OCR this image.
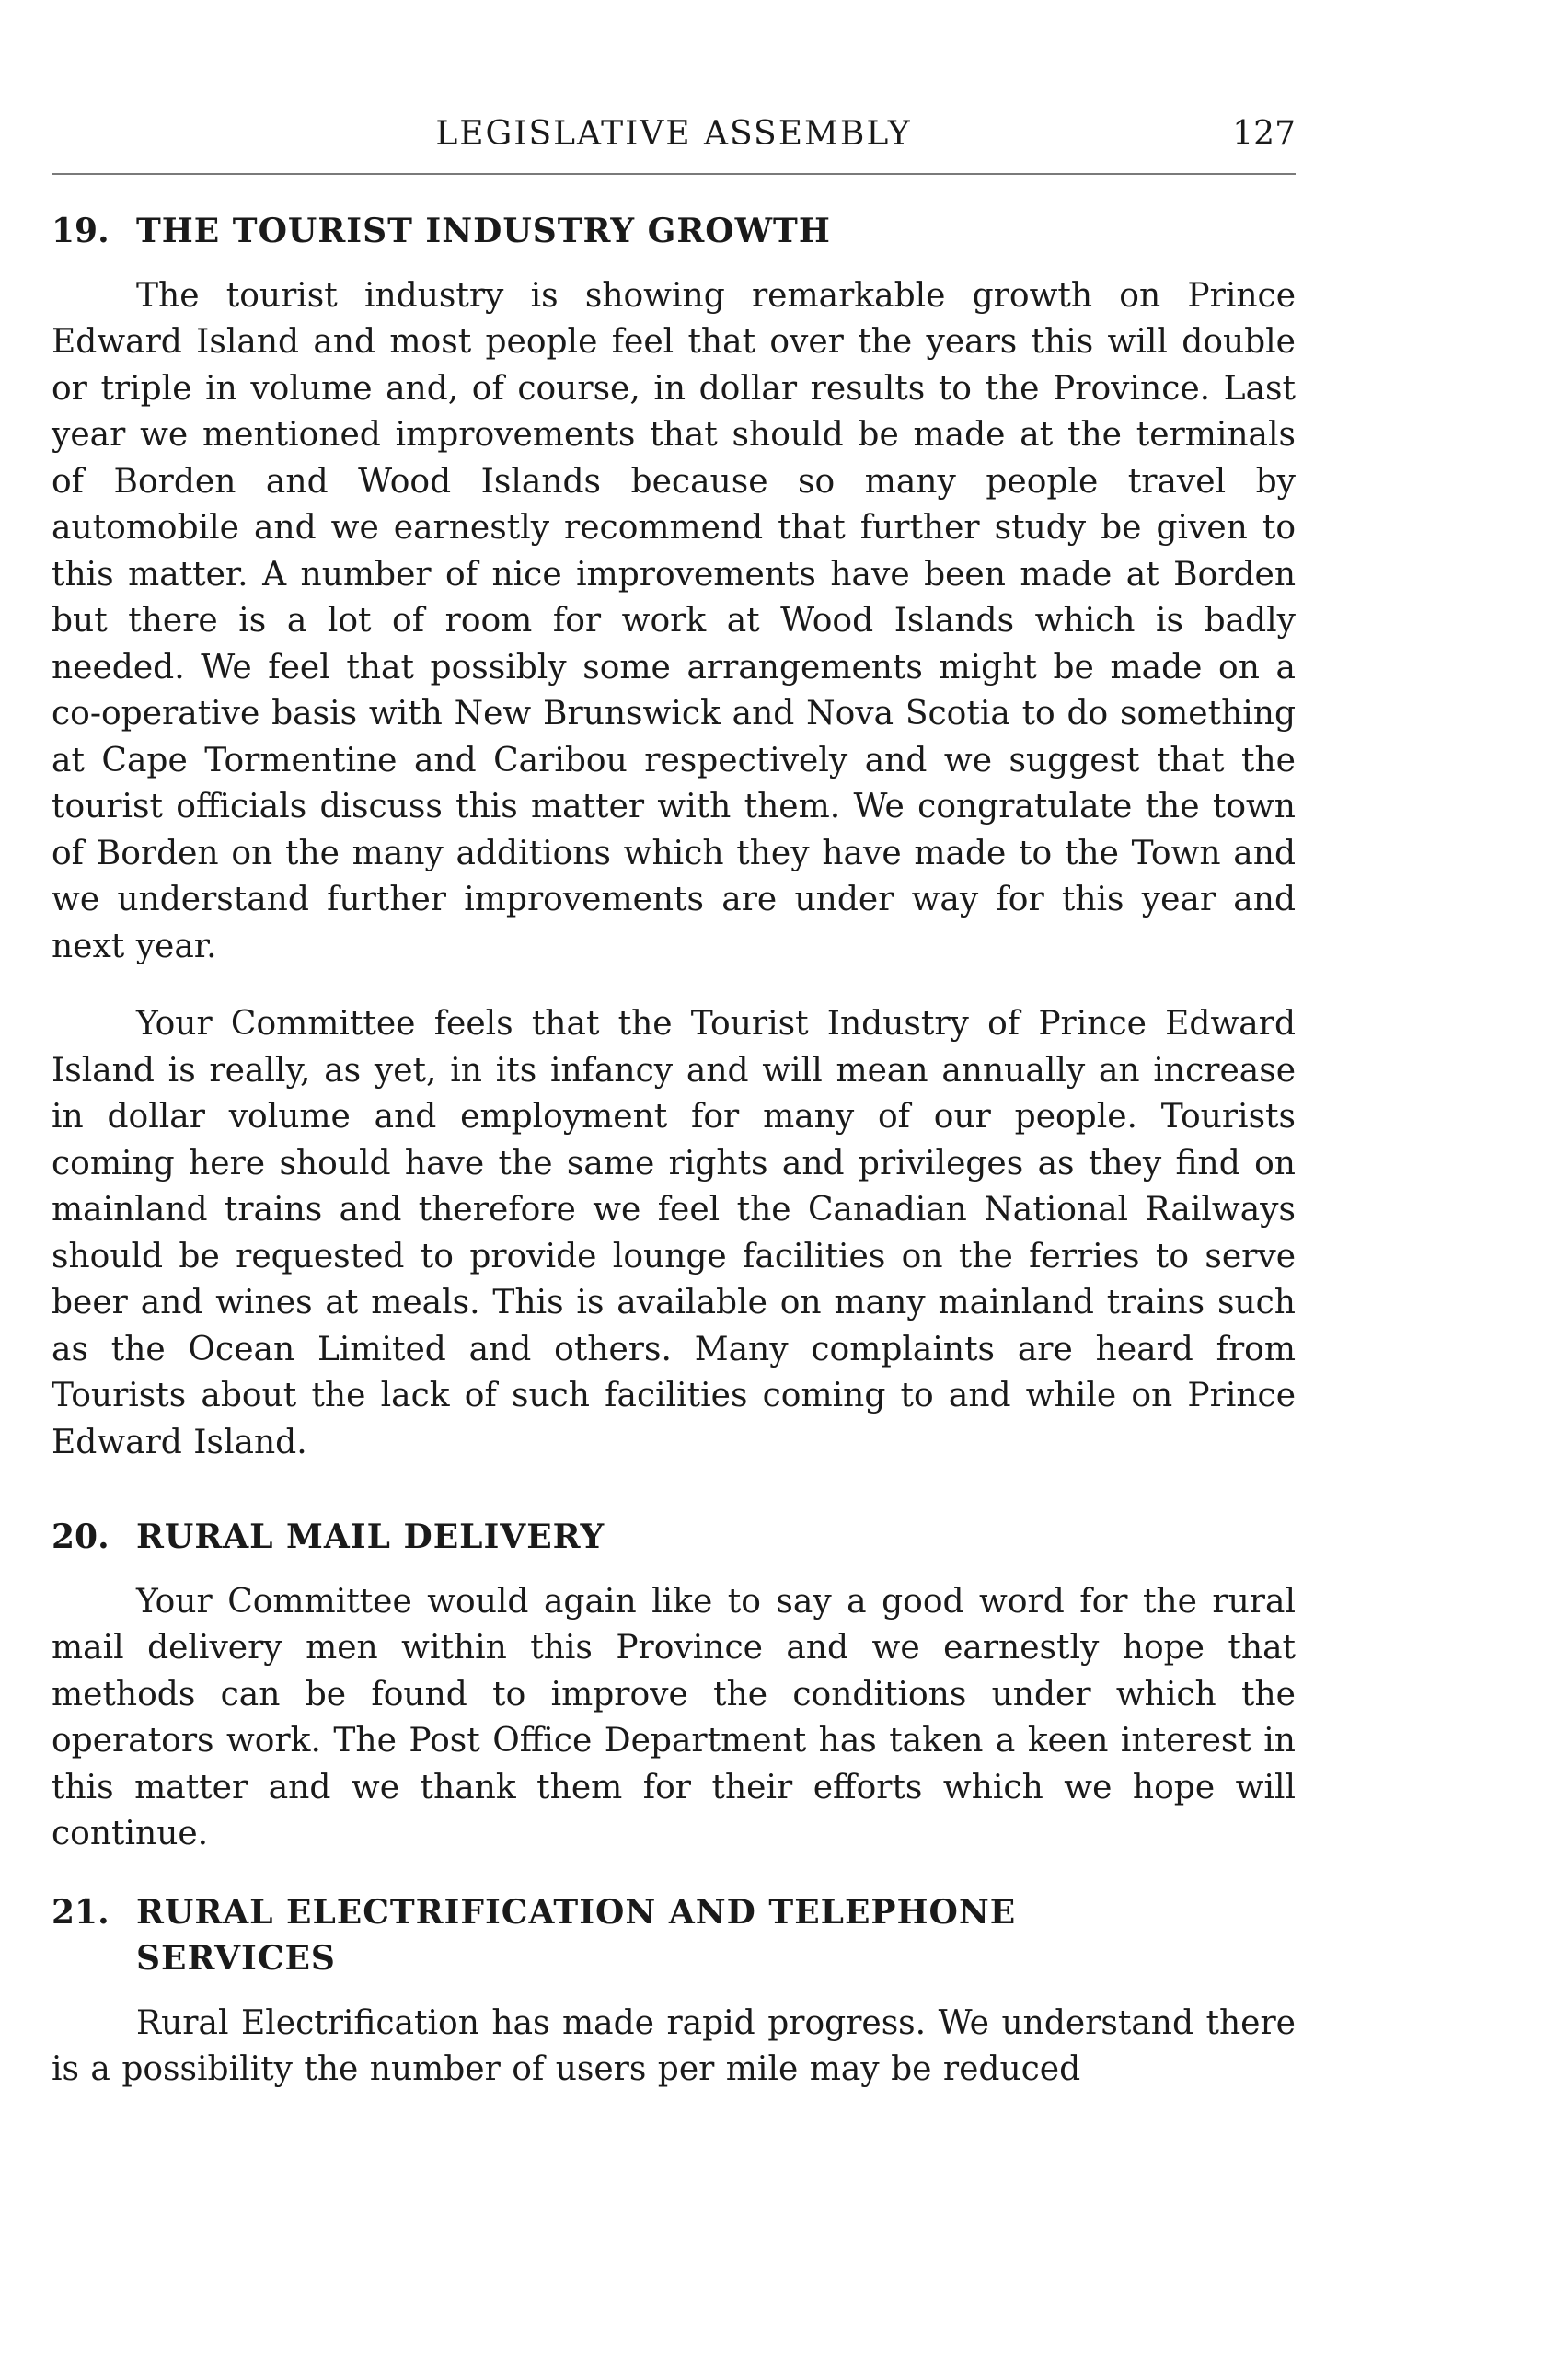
LEGISLATIVE ASSEMBLY	127
19. THE TOURIST INDUSTRY GROWTH

The tourist industry is showing remarkable growth on Prince Edward Island and most people feel that over the years this will double or triple in volume and, of course, in dollar results to the Province. Last year we mentioned improvements that should be made at the terminals of Borden and Wood Islands because so many people travel by automobile and we earnestly recommend that further study be given to this matter. A number of nice improvements have been made at Borden but there is a lot of room for work at Wood Islands which is badly needed. We feel that possibly some arrangements might be made on a co-operative basis with New Brunswick and Nova Scotia to do something at Cape Tormentine and Caribou respectively and we suggest that the tourist officials discuss this matter with them. We congratulate the town of Borden on the many additions which they have made to the Town and we understand further improvements are under way for this year and next year.

Your Committee feels that the Tourist Industry of Prince Edward Island is really, as yet, in its infancy and will mean annually an increase in dollar volume and employment for many of our people. Tourists coming here should have the same rights and privileges as they find on mainland trains and therefore we feel the Canadian National Railways should be requested to provide lounge facilities on the ferries to serve beer and wines at meals. This is available on many mainland trains such as the Ocean Limited and others. Many complaints are heard from Tourists about the lack of such facilities coming to and while on Prince Edward Island.

20. RURAL MAIL DELIVERY

Your Committee would again like to say a good word for the rural mail delivery men within this Province and we earnestly hope that methods can be found to improve the conditions under which the operators work. The Post Office Department has taken a keen interest in this matter and we thank them for their efforts which we hope will continue.

21. RURAL ELECTRIFICATION AND TELEPHONE SERVICES

Rural Electrification has made rapid progress. We understand there is a possibility the number of users per mile may be reduced
